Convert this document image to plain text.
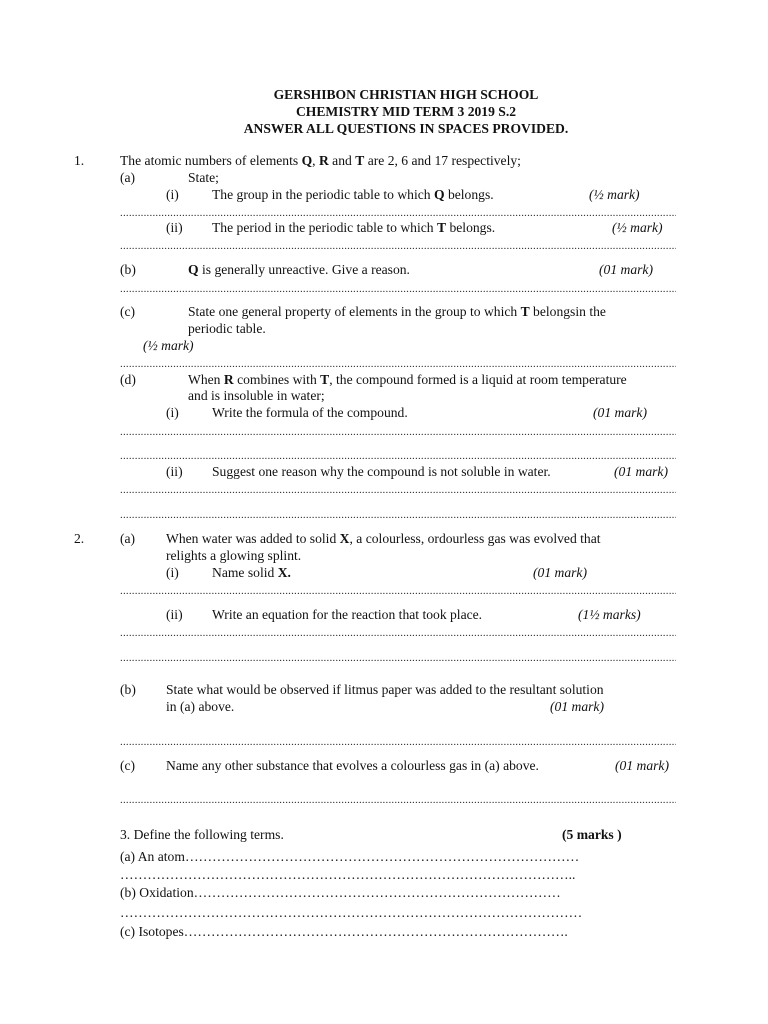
GERSHIBON CHRISTIAN HIGH SCHOOL
CHEMISTRY MID TERM 3 2019 S.2
ANSWER ALL QUESTIONS IN SPACES PROVIDED.
1.	The atomic numbers of elements Q, R and T are 2, 6 and 17 respectively;
(a)	State;
(i) The group in the periodic table to which Q belongs.	(½ mark)
.....
(ii) The period in the periodic table to which T belongs.	(½ mark)
.....
(b)	Q is generally unreactive. Give a reason.	(01 mark)
.....
(c)	State one general property of elements in the group to which T belongsin the
periodic table.
(½ mark)
.....
(d)	When R combines with T, the compound formed is a liquid at room temperature
and is insoluble in water;
(i) Write the formula of the compound.	(01 mark)
.....
.....
(ii) Suggest one reason why the compound is not soluble in water.	(01 mark)
.....
.....
2.	(a) When water was added to solid X, a colourless, ordourless gas was evolved that
relights a glowing splint.
(i) Name solid X.	(01 mark)
.....
(ii) Write an equation for the reaction that took place.	(1½ marks)
.....
.....
(b) State what would be observed if litmus paper was added to the resultant solution
in (a) above.	(01 mark)
.....
(c) Name any other substance that evolves a colourless gas in (a) above.	(01 mark)
.....
3. Define the following terms.	(5 marks )
(a) An atom……………………………………………………………………………
………………………………………………………………………………………..
(b) Oxidation………………………………………………………………………
…………………………………………………………………………………………
(c) Isotopes………………………………………………………………………….
